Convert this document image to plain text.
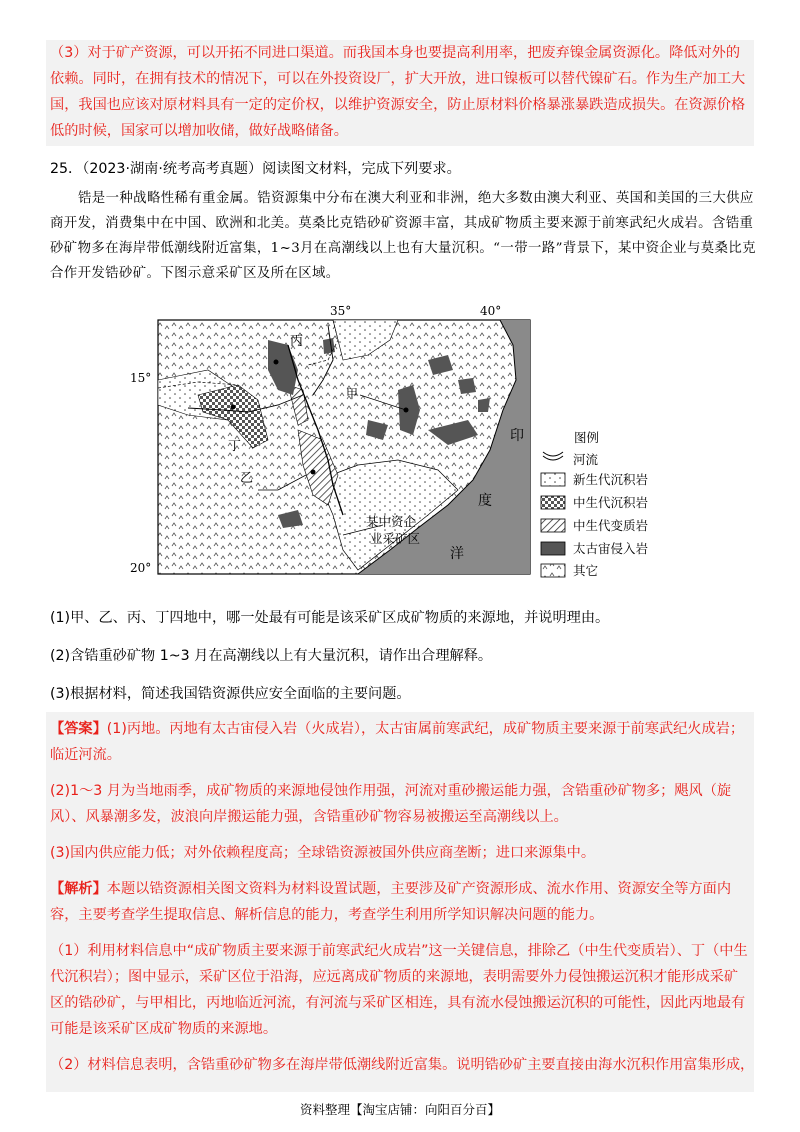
（3）对于矿产资源，可以开拓不同进口渠道。而我国本身也要提高利用率，把废弃镍金属资源化。降低对外的依赖。同时，在拥有技术的情况下，可以在外投资设厂，扩大开放，进口镍板可以替代镍矿石。作为生产加工大国，我国也应该对原材料具有一定的定价权，以维护资源安全，防止原材料价格暴涨暴跌造成损失。在资源价格低的时候，国家可以增加收储，做好战略储备。
25．（2023·湖南·统考高考真题）阅读图文材料，完成下列要求。
锆是一种战略性稀有重金属。锆资源集中分布在澳大利亚和非洲，绝大多数由澳大利亚、英国和美国的三大供应商开发，消费集中在中国、欧洲和北美。莫桑比克锆砂矿资源丰富，其成矿物质主要来源于前寒武纪火成岩。含锆重砂矿物多在海岸带低潮线附近富集，1~3月在高潮线以上也有大量沉积。“一带一路”背景下，某中资企业与莫桑比克合作开发锆砂矿。下图示意采矿区及所在区域。
35°	40°
15°
20°
丙
甲
丁
乙
印
度
洋
某中资企
业采矿区
图例
河流
新生代沉积岩
中生代沉积岩
中生代变质岩
太古宙侵入岩
其它
(1)甲、乙、丙、丁四地中，哪一处最有可能是该采矿区成矿物质的来源地，并说明理由。
(2)含锆重砂矿物 1~3 月在高潮线以上有大量沉积，请作出合理解释。
(3)根据材料，简述我国锆资源供应安全面临的主要问题。
【答案】(1)丙地。丙地有太古宙侵入岩（火成岩），太古宙属前寒武纪，成矿物质主要来源于前寒武纪火成岩；临近河流。
(2)1～3 月为当地雨季，成矿物质的来源地侵蚀作用强，河流对重砂搬运能力强，含锆重砂矿物多；飓风（旋风）、风暴潮多发，波浪向岸搬运能力强，含锆重砂矿物容易被搬运至高潮线以上。
(3)国内供应能力低；对外依赖程度高；全球锆资源被国外供应商垄断；进口来源集中。
【解析】本题以锆资源相关图文资料为材料设置试题，主要涉及矿产资源形成、流水作用、资源安全等方面内容，主要考查学生提取信息、解析信息的能力，考查学生利用所学知识解决问题的能力。
（1）利用材料信息中“成矿物质主要来源于前寒武纪火成岩”这一关键信息，排除乙（中生代变质岩）、丁（中生代沉积岩）；图中显示，采矿区位于沿海，应远离成矿物质的来源地，表明需要外力侵蚀搬运沉积才能形成采矿区的锆砂矿，与甲相比，丙地临近河流，有河流与采矿区相连，具有流水侵蚀搬运沉积的可能性，因此丙地最有可能是该采矿区成矿物质的来源地。
（2）材料信息表明，含锆重砂矿物多在海岸带低潮线附近富集。说明锆砂矿主要直接由海水沉积作用富集形成，
资料整理【淘宝店铺：向阳百分百】
